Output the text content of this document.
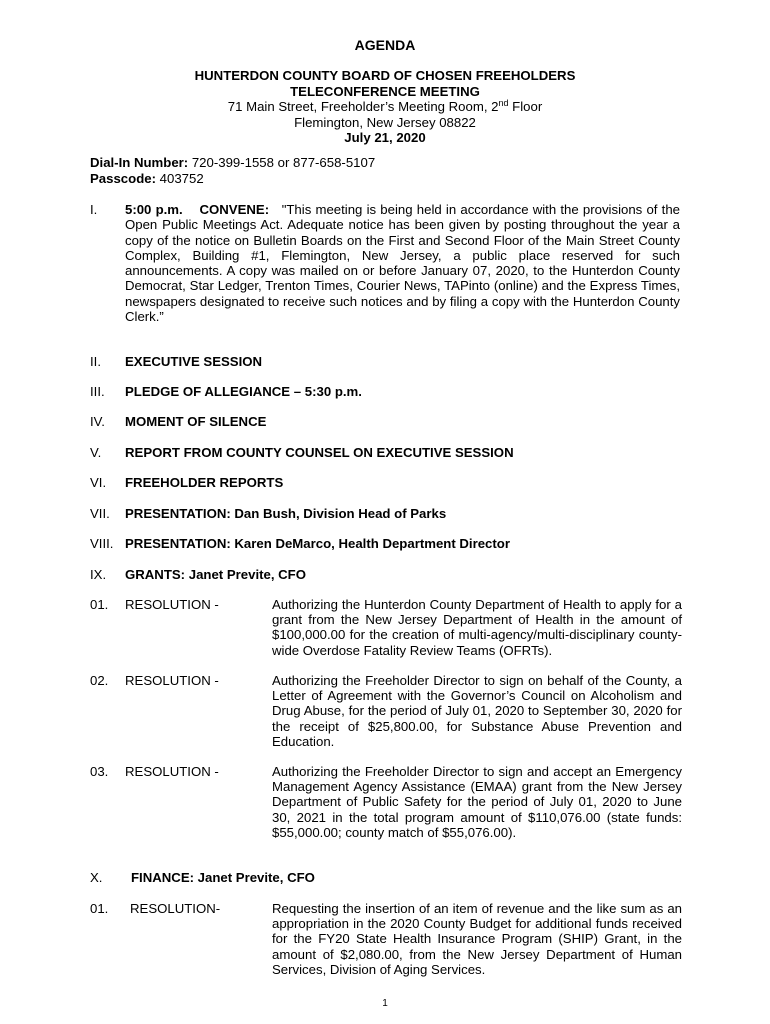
AGENDA
HUNTERDON COUNTY BOARD OF CHOSEN FREEHOLDERS
TELECONFERENCE MEETING
71 Main Street, Freeholder’s Meeting Room, 2nd Floor
Flemington, New Jersey 08822
July 21, 2020
Dial-In Number: 720-399-1558 or 877-658-5107
Passcode: 403752
I. 5:00 p.m. CONVENE: "This meeting is being held in accordance with the provisions of the Open Public Meetings Act. Adequate notice has been given by posting throughout the year a copy of the notice on Bulletin Boards on the First and Second Floor of the Main Street County Complex, Building #1, Flemington, New Jersey, a public place reserved for such announcements. A copy was mailed on or before January 07, 2020, to the Hunterdon County Democrat, Star Ledger, Trenton Times, Courier News, TAPinto (online) and the Express Times, newspapers designated to receive such notices and by filing a copy with the Hunterdon County Clerk.”
II. EXECUTIVE SESSION
III. PLEDGE OF ALLEGIANCE – 5:30 p.m.
IV. MOMENT OF SILENCE
V. REPORT FROM COUNTY COUNSEL ON EXECUTIVE SESSION
VI. FREEHOLDER REPORTS
VII. PRESENTATION: Dan Bush, Division Head of Parks
VIII. PRESENTATION: Karen DeMarco, Health Department Director
IX. GRANTS: Janet Previte, CFO
01. RESOLUTION -	Authorizing the Hunterdon County Department of Health to apply for a grant from the New Jersey Department of Health in the amount of $100,000.00 for the creation of multi-agency/multi-disciplinary county-wide Overdose Fatality Review Teams (OFRTs).
02. RESOLUTION -	Authorizing the Freeholder Director to sign on behalf of the County, a Letter of Agreement with the Governor’s Council on Alcoholism and Drug Abuse, for the period of July 01, 2020 to September 30, 2020 for the receipt of $25,800.00, for Substance Abuse Prevention and Education.
03. RESOLUTION -	Authorizing the Freeholder Director to sign and accept an Emergency Management Agency Assistance (EMAA) grant from the New Jersey Department of Public Safety for the period of July 01, 2020 to June 30, 2021 in the total program amount of $110,076.00 (state funds: $55,000.00; county match of $55,076.00).
X. FINANCE: Janet Previte, CFO
01. RESOLUTION-	Requesting the insertion of an item of revenue and the like sum as an appropriation in the 2020 County Budget for additional funds received for the FY20 State Health Insurance Program (SHIP) Grant, in the amount of $2,080.00, from the New Jersey Department of Human Services, Division of Aging Services.
1
